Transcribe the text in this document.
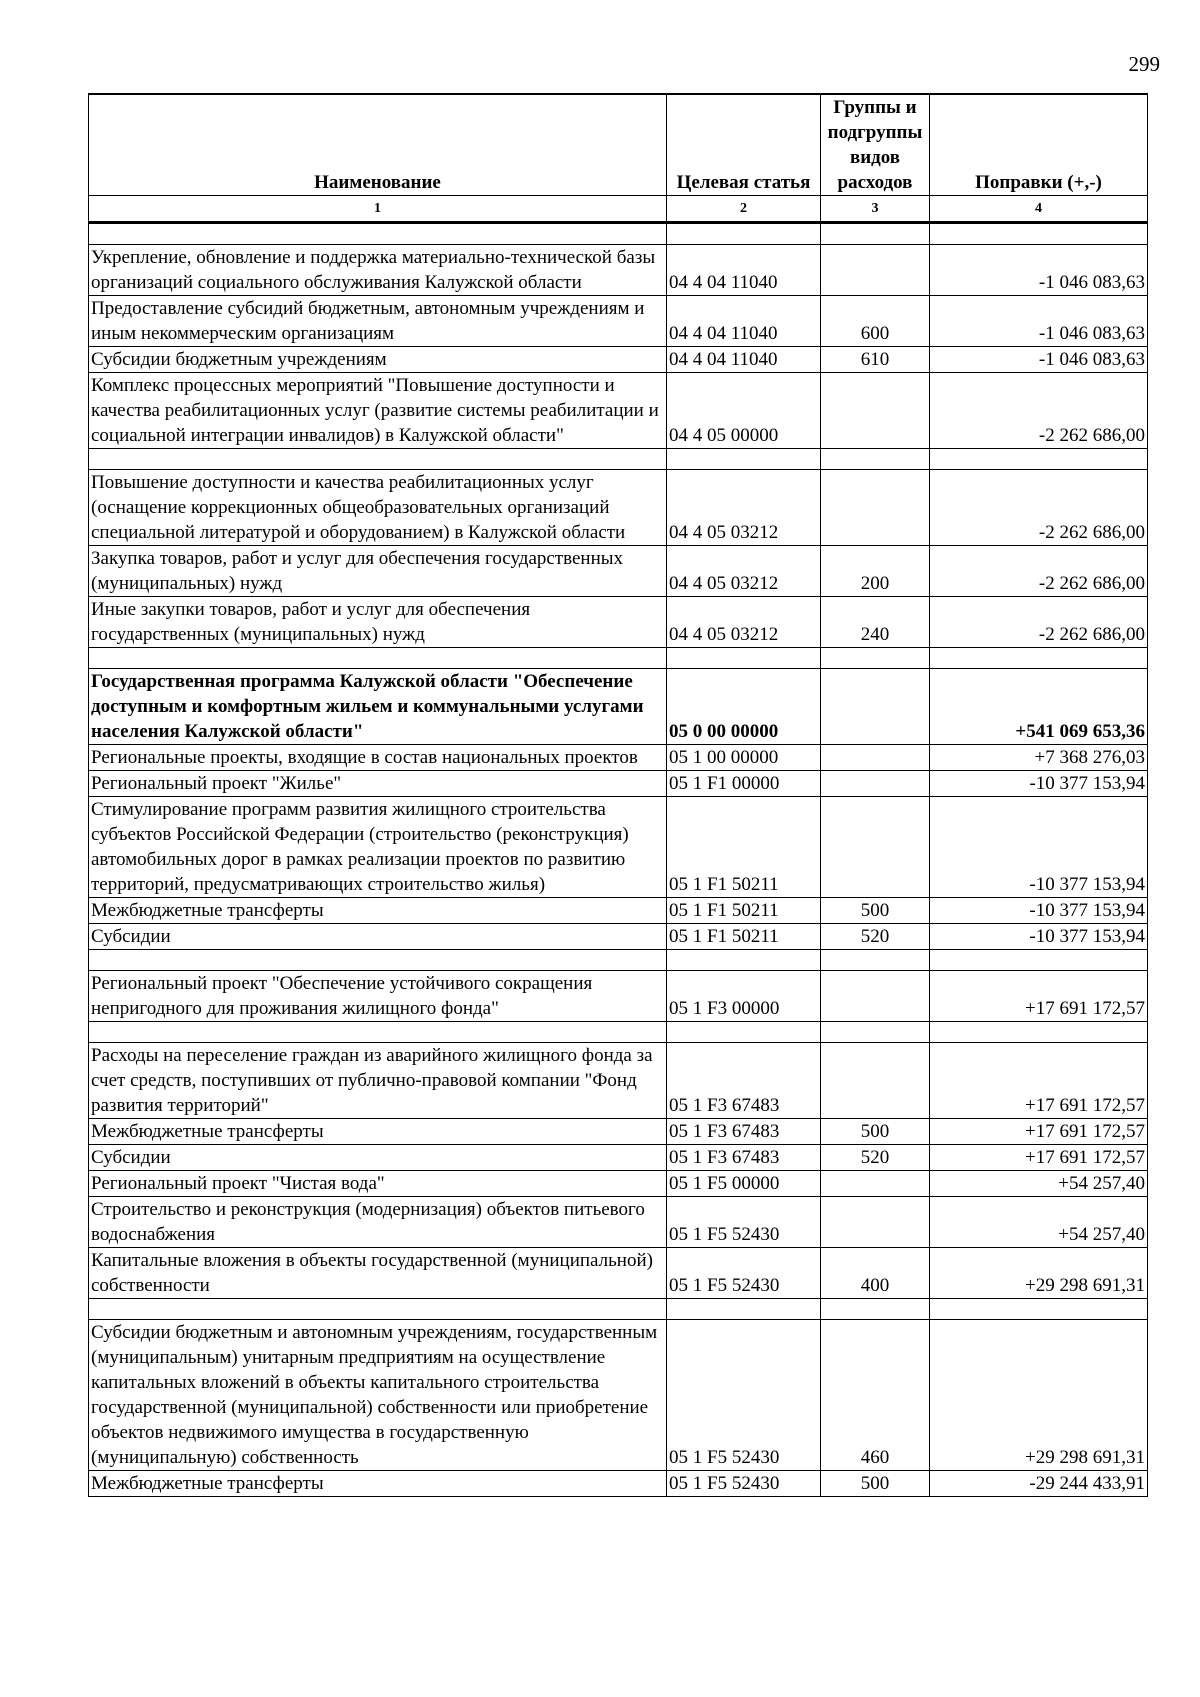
299
Наименование	Целевая статья	Группы и подгруппы видов расходов	Поправки (+,-)
1	2	3	4

Укрепление, обновление и поддержка материально-технической базы организаций социального обслуживания Калужской области	04 4 04 11040		-1 046 083,63
Предоставление субсидий бюджетным, автономным учреждениям и иным некоммерческим организациям	04 4 04 11040	600	-1 046 083,63
Субсидии бюджетным учреждениям	04 4 04 11040	610	-1 046 083,63
Комплекс процессных мероприятий "Повышение доступности и качества реабилитационных услуг (развитие системы реабилитации и социальной интеграции инвалидов) в Калужской области"	04 4 05 00000		-2 262 686,00

Повышение доступности и качества реабилитационных услуг (оснащение коррекционных общеобразовательных организаций специальной литературой и оборудованием) в Калужской области	04 4 05 03212		-2 262 686,00
Закупка товаров, работ и услуг для обеспечения государственных (муниципальных) нужд	04 4 05 03212	200	-2 262 686,00
Иные закупки товаров, работ и услуг для обеспечения государственных (муниципальных) нужд	04 4 05 03212	240	-2 262 686,00

Государственная программа Калужской области "Обеспечение доступным и комфортным жильем и коммунальными услугами населения Калужской области"	05 0 00 00000		+541 069 653,36
Региональные проекты, входящие в состав национальных проектов	05 1 00 00000		+7 368 276,03
Региональный проект "Жилье"	05 1 F1 00000		-10 377 153,94
Стимулирование программ развития жилищного строительства субъектов Российской Федерации (строительство (реконструкция) автомобильных дорог в рамках реализации проектов по развитию территорий, предусматривающих строительство жилья)	05 1 F1 50211		-10 377 153,94
Межбюджетные трансферты	05 1 F1 50211	500	-10 377 153,94
Субсидии	05 1 F1 50211	520	-10 377 153,94

Региональный проект "Обеспечение устойчивого сокращения непригодного для проживания жилищного фонда"	05 1 F3 00000		+17 691 172,57

Расходы на переселение граждан из аварийного жилищного фонда за счет средств, поступивших от публично-правовой компании "Фонд развития территорий"	05 1 F3 67483		+17 691 172,57
Межбюджетные трансферты	05 1 F3 67483	500	+17 691 172,57
Субсидии	05 1 F3 67483	520	+17 691 172,57
Региональный проект "Чистая вода"	05 1 F5 00000		+54 257,40
Строительство и реконструкция (модернизация) объектов питьевого водоснабжения	05 1 F5 52430		+54 257,40
Капитальные вложения в объекты государственной (муниципальной) собственности	05 1 F5 52430	400	+29 298 691,31

Субсидии бюджетным и автономным учреждениям, государственным (муниципальным) унитарным предприятиям на осуществление капитальных вложений в объекты капитального строительства государственной (муниципальной) собственности или приобретение объектов недвижимого имущества в государственную (муниципальную) собственность	05 1 F5 52430	460	+29 298 691,31
Межбюджетные трансферты	05 1 F5 52430	500	-29 244 433,91
